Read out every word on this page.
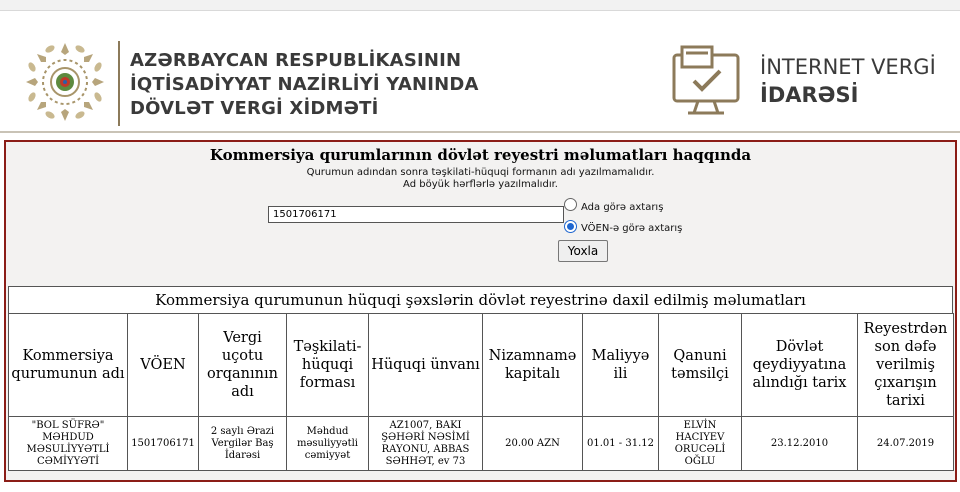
AZƏRBAYCAN RESPUBLİKASININ
İQTİSADİYYAT NAZİRLİYİ YANINDA
DÖVLƏT VERGİ XİDMƏTİ
İNTERNET VERGİ
İDARƏSİ
Kommersiya qurumlarının dövlət reyestri məlumatları haqqında
Qurumun adından sonra təşkilati-hüquqi formanın adı yazılmamalıdır.
Ad böyük hərflərlə yazılmalıdır.
1501706171
Ada görə axtarış
VÖEN-ə görə axtarış
Yoxla
Kommersiya qurumunun hüquqi şəxslərin dövlət reyestrinə daxil edilmiş məlumatları
Kommersiya qurumunun adı	VÖEN	Vergi uçotu orqanının adı	Təşkilati-hüquqi forması	Hüquqi ünvanı	Nizamnamə kapitalı	Maliyyə ili	Qanuni təmsilçi	Dövlət qeydiyyatına alındığı tarix	Reyestrdən son dəfə verilmiş çıxarışın tarixi
"BOL SÜFRƏ" MƏHDUD MƏSULİYYƏTLİ CƏMİYYƏTİ	1501706171	2 saylı Ərazi Vergilər Baş İdarəsi	Məhdud məsuliyyətli cəmiyyət	AZ1007, BAKI ŞƏHƏRİ NƏSİMİ RAYONU, ABBAS SƏHHƏT, ev 73	20.00 AZN	01.01 - 31.12	ELVİN HACIYEV ORUCƏLİ OĞLU	23.12.2010	24.07.2019
